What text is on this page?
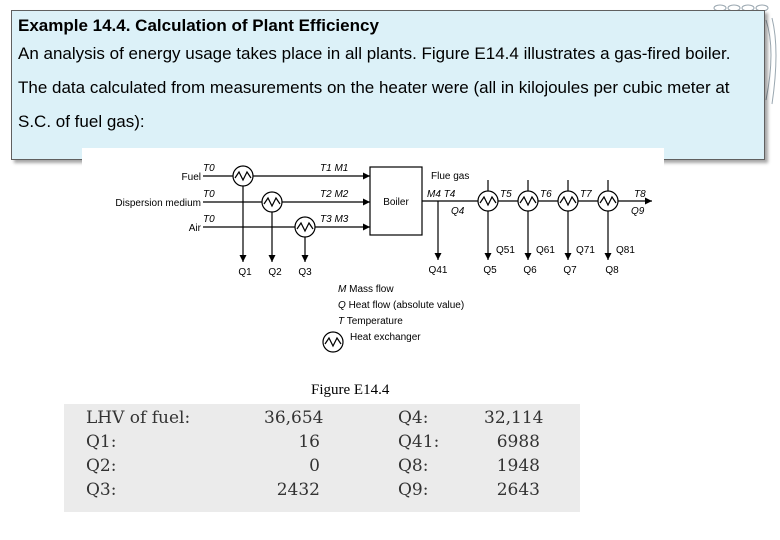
Example 14.4. Calculation of Plant Efficiency
An analysis of energy usage takes place in all plants. Figure E14.4 illustrates a gas-fired boiler. The data calculated from measurements on the heater were (all in kilojoules per cubic meter at S.C. of fuel gas):
Fuel
Dispersion medium
Air
T0
T0
T0
T1 M1
T2 M2
T3 M3
Q1 Q2 Q3
Boiler
Flue gas
M4 T4
Q4
Q41
T5	T6	T7	T8
Q9
Q51 Q61 Q71 Q81
Q5	Q6	Q7	Q8
M Mass flow
Q Heat flow (absolute value)
T Temperature
Heat exchanger
Figure E14.4
LHV of fuel:	36,654	Q4:	32,114
Q1:	16	Q41:	6988
Q2:	0	Q8:	1948
Q3:	2432	Q9:	2643
